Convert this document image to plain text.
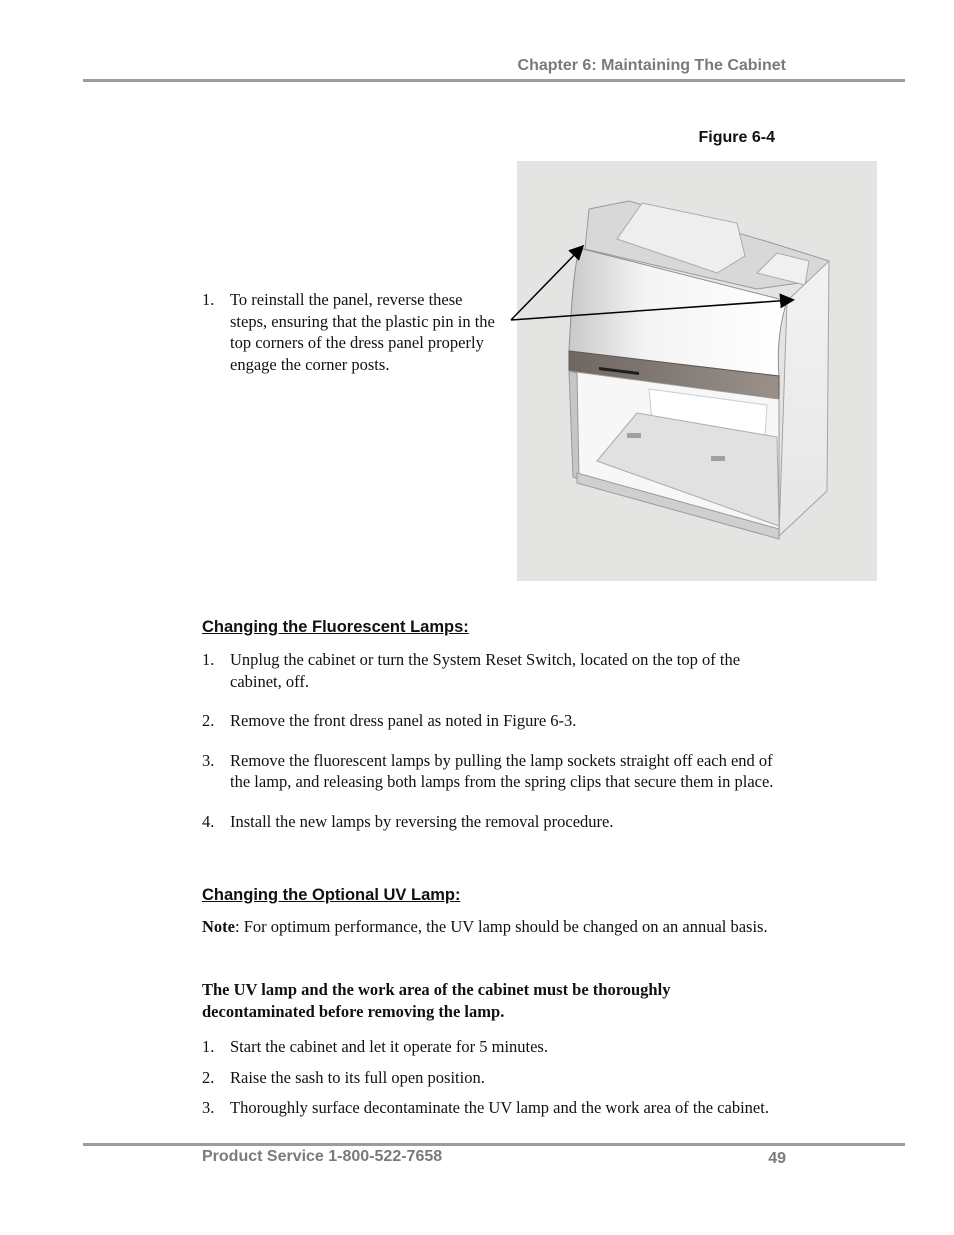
Chapter 6: Maintaining The Cabinet
Figure 6-4
1. To reinstall the panel, reverse these steps, ensuring that the plastic pin in the top corners of the dress panel properly engage the corner posts.
Changing the Fluorescent Lamps:
1. Unplug the cabinet or turn the System Reset Switch, located on the top of the cabinet, off.
2. Remove the front dress panel as noted in Figure 6-3.
3. Remove the fluorescent lamps by pulling the lamp sockets straight off each end of the lamp, and releasing both lamps from the spring clips that secure them in place.
4. Install the new lamps by reversing the removal procedure.
Changing the Optional UV Lamp:

Note: For optimum performance, the UV lamp should be changed on an annual basis.

The UV lamp and the work area of the cabinet must be thoroughly decontaminated before removing the lamp.

1. Start the cabinet and let it operate for 5 minutes.
2. Raise the sash to its full open position.
3. Thoroughly surface decontaminate the UV lamp and the work area of the cabinet.
Product Service 1-800-522-7658	49
